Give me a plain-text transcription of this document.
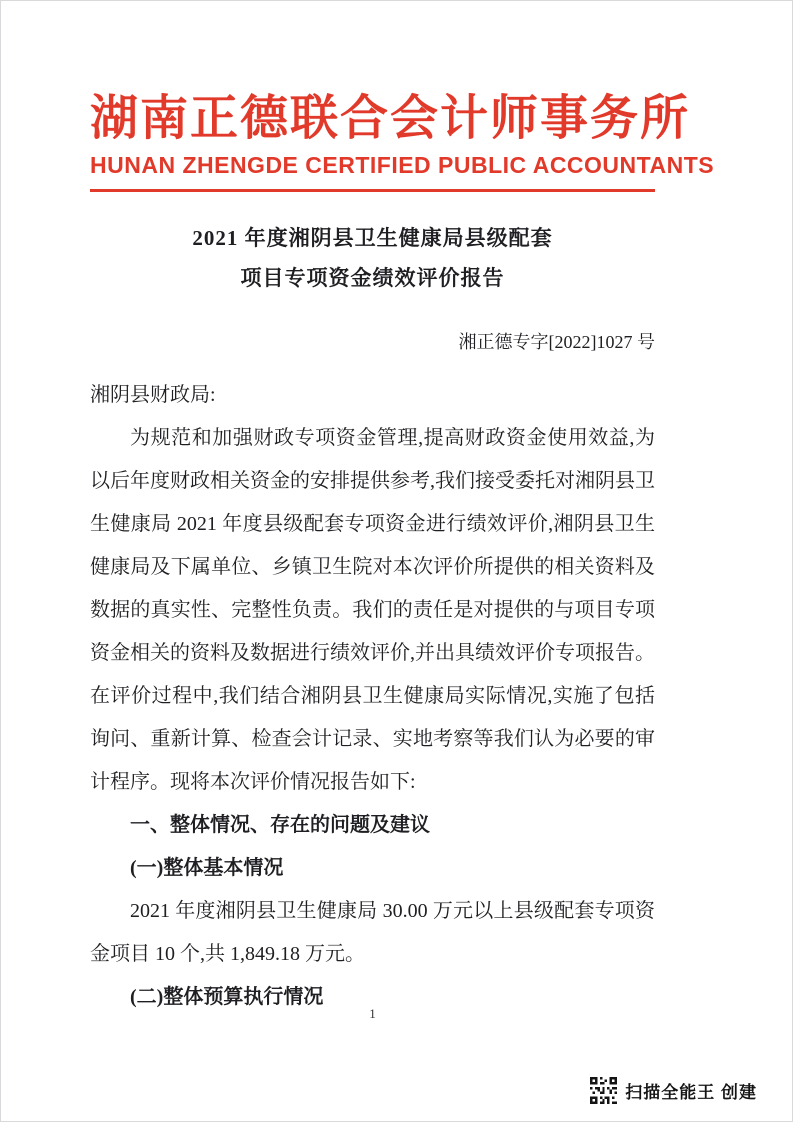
湖南正德联合会计师事务所
HUNAN ZHENGDE CERTIFIED PUBLIC ACCOUNTANTS
2021 年度湘阴县卫生健康局县级配套
项目专项资金绩效评价报告
湘正德专字[2022]1027 号
湘阴县财政局:

为规范和加强财政专项资金管理,提高财政资金使用效益,为以后年度财政相关资金的安排提供参考,我们接受委托对湘阴县卫生健康局 2021 年度县级配套专项资金进行绩效评价,湘阴县卫生健康局及下属单位、乡镇卫生院对本次评价所提供的相关资料及数据的真实性、完整性负责。我们的责任是对提供的与项目专项资金相关的资料及数据进行绩效评价,并出具绩效评价专项报告。在评价过程中,我们结合湘阴县卫生健康局实际情况,实施了包括询问、重新计算、检查会计记录、实地考察等我们认为必要的审计程序。现将本次评价情况报告如下:

一、整体情况、存在的问题及建议
(一)整体基本情况

2021 年度湘阴县卫生健康局 30.00 万元以上县级配套专项资金项目 10 个,共 1,849.18 万元。

(二)整体预算执行情况
1
扫描全能王 创建
